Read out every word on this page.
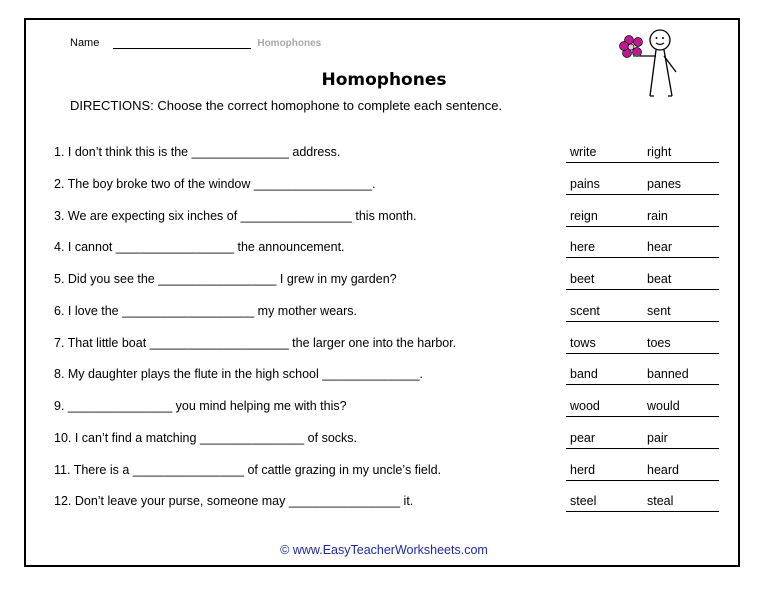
Name	Homophones
Homophones
DIRECTIONS: Choose the correct homophone to complete each sentence.
1. I don’t think this is the ______________ address.	write	right
2. The boy broke two of the window _________________.	pains	panes
3. We are expecting six inches of ________________ this month.	reign	rain
4. I cannot _________________ the announcement.	here	hear
5. Did you see the _________________ I grew in my garden?	beet	beat
6. I love the ___________________ my mother wears.	scent	sent
7. That little boat ____________________ the larger one into the harbor.	tows	toes
8. My daughter plays the flute in the high school ______________.	band	banned
9. _______________ you mind helping me with this?	wood	would
10. I can’t find a matching _______________ of socks.	pear	pair
11. There is a ________________ of cattle grazing in my uncle’s field.	herd	heard
12. Don’t leave your purse, someone may ________________ it.	steel	steal
© www.EasyTeacherWorksheets.com
